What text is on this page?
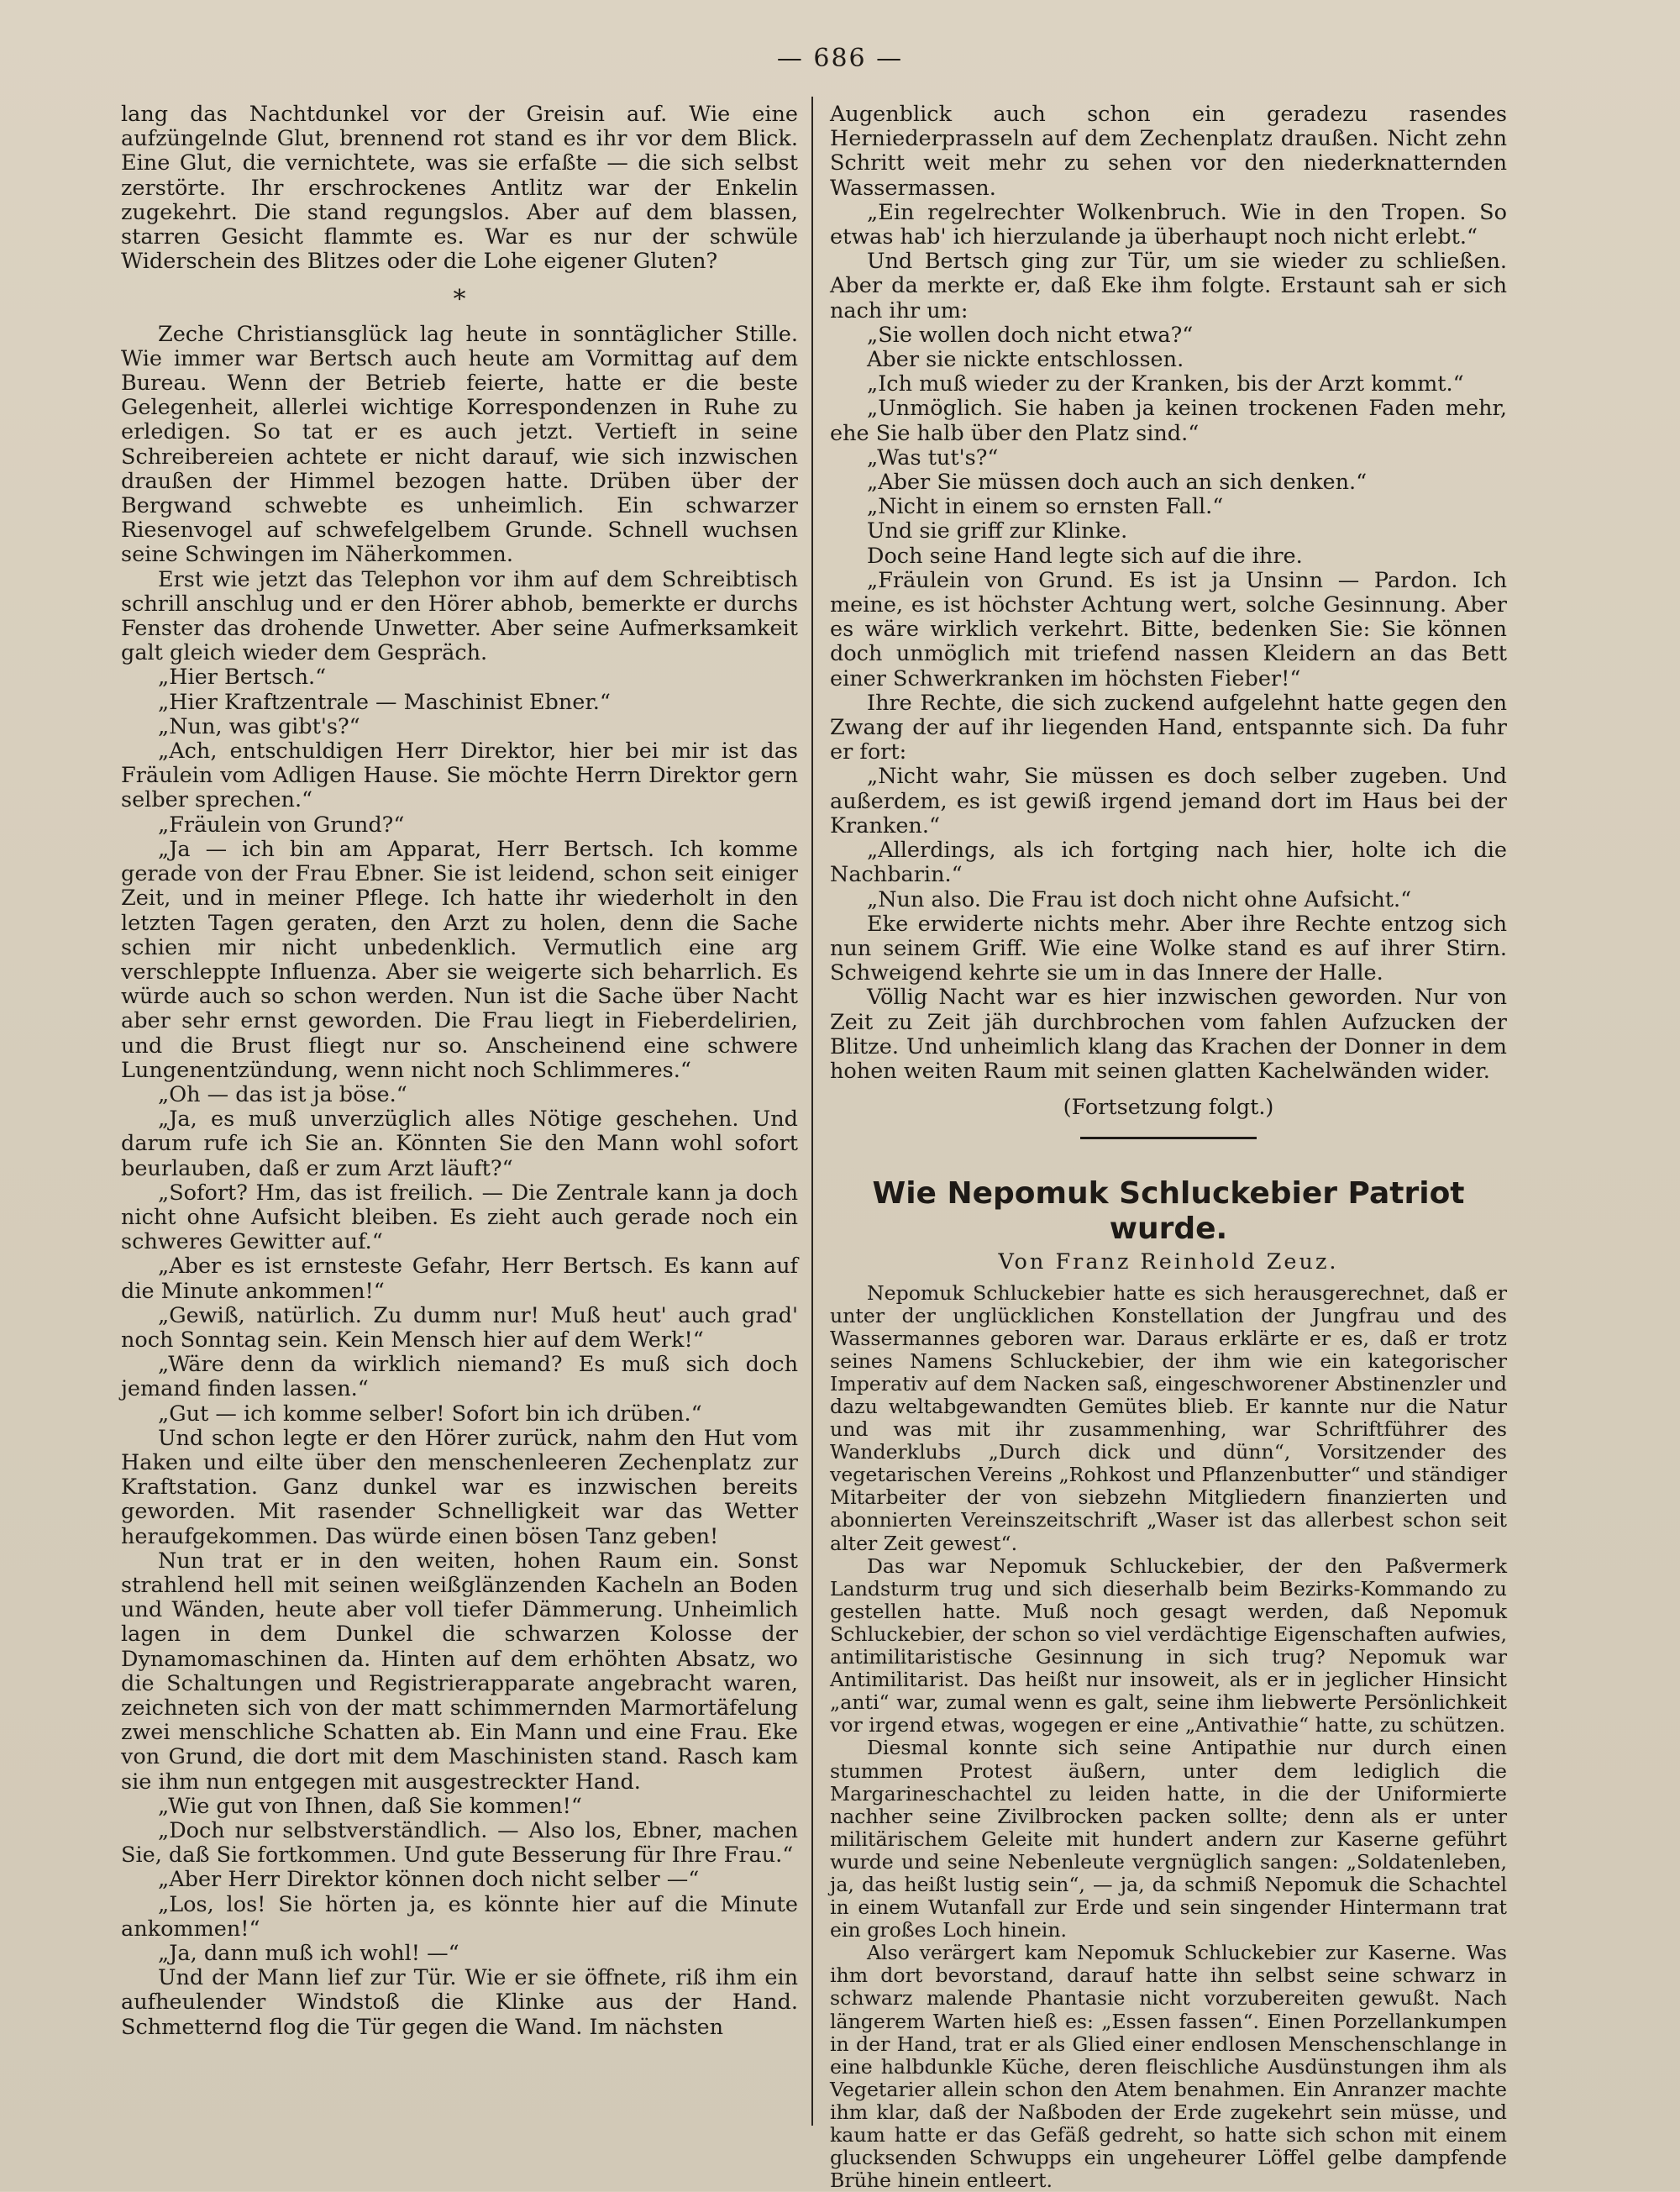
— 686 —

lang das Nachtdunkel vor der Greisin auf. Wie eine aufzüngelnde Glut, brennend rot stand es ihr vor dem Blick. Eine Glut, die vernichtete, was sie erfaßte — die sich selbst zerstörte. Ihr erschrockenes Antlitz war der Enkelin zugekehrt. Die stand regungslos. Aber auf dem blassen, starren Gesicht flammte es. War es nur der schwüle Widerschein des Blitzes oder die Lohe eigener Gluten?

*

Zeche Christiansglück lag heute in sonntäglicher Stille. Wie immer war Bertsch auch heute am Vormittag auf dem Bureau. Wenn der Betrieb feierte, hatte er die beste Gelegenheit, allerlei wichtige Korrespondenzen in Ruhe zu erledigen. So tat er es auch jetzt. Vertieft in seine Schreibereien achtete er nicht darauf, wie sich inzwischen draußen der Himmel bezogen hatte. Drüben über der Bergwand schwebte es unheimlich. Ein schwarzer Riesenvogel auf schwefelgelbem Grunde. Schnell wuchsen seine Schwingen im Näherkommen.

Erst wie jetzt das Telephon vor ihm auf dem Schreibtisch schrill anschlug und er den Hörer abhob, bemerkte er durchs Fenster das drohende Unwetter. Aber seine Aufmerksamkeit galt gleich wieder dem Gespräch.

„Hier Bertsch.“

„Hier Kraftzentrale — Maschinist Ebner.“

„Nun, was gibt's?“

„Ach, entschuldigen Herr Direktor, hier bei mir ist das Fräulein vom Adligen Hause. Sie möchte Herrn Direktor gern selber sprechen.“

„Fräulein von Grund?“

„Ja — ich bin am Apparat, Herr Bertsch. Ich komme gerade von der Frau Ebner. Sie ist leidend, schon seit einiger Zeit, und in meiner Pflege. Ich hatte ihr wiederholt in den letzten Tagen geraten, den Arzt zu holen, denn die Sache schien mir nicht unbedenklich. Vermutlich eine arg verschleppte Influenza. Aber sie weigerte sich beharrlich. Es würde auch so schon werden. Nun ist die Sache über Nacht aber sehr ernst geworden. Die Frau liegt in Fieberdelirien, und die Brust fliegt nur so. Anscheinend eine schwere Lungenentzündung, wenn nicht noch Schlimmeres.“

„Oh — das ist ja böse.“

„Ja, es muß unverzüglich alles Nötige geschehen. Und darum rufe ich Sie an. Könnten Sie den Mann wohl sofort beurlauben, daß er zum Arzt läuft?“

„Sofort? Hm, das ist freilich. — Die Zentrale kann ja doch nicht ohne Aufsicht bleiben. Es zieht auch gerade noch ein schweres Gewitter auf.“

„Aber es ist ernsteste Gefahr, Herr Bertsch. Es kann auf die Minute ankommen!“

„Gewiß, natürlich. Zu dumm nur! Muß heut' auch grad' noch Sonntag sein. Kein Mensch hier auf dem Werk!“

„Wäre denn da wirklich niemand? Es muß sich doch jemand finden lassen.“

„Gut — ich komme selber! Sofort bin ich drüben.“

Und schon legte er den Hörer zurück, nahm den Hut vom Haken und eilte über den menschenleeren Zechenplatz zur Kraftstation. Ganz dunkel war es inzwischen bereits geworden. Mit rasender Schnelligkeit war das Wetter heraufgekommen. Das würde einen bösen Tanz geben!

Nun trat er in den weiten, hohen Raum ein. Sonst strahlend hell mit seinen weißglänzenden Kacheln an Boden und Wänden, heute aber voll tiefer Dämmerung. Unheimlich lagen in dem Dunkel die schwarzen Kolosse der Dynamomaschinen da. Hinten auf dem erhöhten Absatz, wo die Schaltungen und Registrierapparate angebracht waren, zeichneten sich von der matt schimmernden Marmortäfelung zwei menschliche Schatten ab. Ein Mann und eine Frau. Eke von Grund, die dort mit dem Maschinisten stand. Rasch kam sie ihm nun entgegen mit ausgestreckter Hand.

„Wie gut von Ihnen, daß Sie kommen!“

„Doch nur selbstverständlich. — Also los, Ebner, machen Sie, daß Sie fortkommen. Und gute Besserung für Ihre Frau.“

„Aber Herr Direktor können doch nicht selber —“

„Los, los! Sie hörten ja, es könnte hier auf die Minute ankommen!“

„Ja, dann muß ich wohl! —“

Und der Mann lief zur Tür. Wie er sie öffnete, riß ihm ein aufheulender Windstoß die Klinke aus der Hand. Schmetternd flog die Tür gegen die Wand. Im nächsten

Augenblick auch schon ein geradezu rasendes Herniederprasseln auf dem Zechenplatz draußen. Nicht zehn Schritt weit mehr zu sehen vor den niederknatternden Wassermassen.

„Ein regelrechter Wolkenbruch. Wie in den Tropen. So etwas hab' ich hierzulande ja überhaupt noch nicht erlebt.“

Und Bertsch ging zur Tür, um sie wieder zu schließen. Aber da merkte er, daß Eke ihm folgte. Erstaunt sah er sich nach ihr um:

„Sie wollen doch nicht etwa?“

Aber sie nickte entschlossen.

„Ich muß wieder zu der Kranken, bis der Arzt kommt.“

„Unmöglich. Sie haben ja keinen trockenen Faden mehr, ehe Sie halb über den Platz sind.“

„Was tut's?“

„Aber Sie müssen doch auch an sich denken.“

„Nicht in einem so ernsten Fall.“

Und sie griff zur Klinke.

Doch seine Hand legte sich auf die ihre.

„Fräulein von Grund. Es ist ja Unsinn — Pardon. Ich meine, es ist höchster Achtung wert, solche Gesinnung. Aber es wäre wirklich verkehrt. Bitte, bedenken Sie: Sie können doch unmöglich mit triefend nassen Kleidern an das Bett einer Schwerkranken im höchsten Fieber!“

Ihre Rechte, die sich zuckend aufgelehnt hatte gegen den Zwang der auf ihr liegenden Hand, entspannte sich. Da fuhr er fort:

„Nicht wahr, Sie müssen es doch selber zugeben. Und außerdem, es ist gewiß irgend jemand dort im Haus bei der Kranken.“

„Allerdings, als ich fortging nach hier, holte ich die Nachbarin.“

„Nun also. Die Frau ist doch nicht ohne Aufsicht.“

Eke erwiderte nichts mehr. Aber ihre Rechte entzog sich nun seinem Griff. Wie eine Wolke stand es auf ihrer Stirn. Schweigend kehrte sie um in das Innere der Halle.

Völlig Nacht war es hier inzwischen geworden. Nur von Zeit zu Zeit jäh durchbrochen vom fahlen Aufzucken der Blitze. Und unheimlich klang das Krachen der Donner in dem hohen weiten Raum mit seinen glatten Kachelwänden wider.

(Fortsetzung folgt.)

Wie Nepomuk Schluckebier Patriot wurde.

Von Franz Reinhold Zeuz.

Nepomuk Schluckebier hatte es sich herausgerechnet, daß er unter der unglücklichen Konstellation der Jungfrau und des Wassermannes geboren war. Daraus erklärte er es, daß er trotz seines Namens Schluckebier, der ihm wie ein kategorischer Imperativ auf dem Nacken saß, eingeschworener Abstinenzler und dazu weltabgewandten Gemütes blieb. Er kannte nur die Natur und was mit ihr zusammenhing, war Schriftführer des Wanderklubs „Durch dick und dünn“, Vorsitzender des vegetarischen Vereins „Rohkost und Pflanzenbutter“ und ständiger Mitarbeiter der von siebzehn Mitgliedern finanzierten und abonnierten Vereinszeitschrift „Waser ist das allerbest schon seit alter Zeit gewest“.

Das war Nepomuk Schluckebier, der den Paßvermerk Landsturm trug und sich dieserhalb beim Bezirks-Kommando zu gestellen hatte. Muß noch gesagt werden, daß Nepomuk Schluckebier, der schon so viel verdächtige Eigenschaften aufwies, antimilitaristische Gesinnung in sich trug? Nepomuk war Antimilitarist. Das heißt nur insoweit, als er in jeglicher Hinsicht „anti“ war, zumal wenn es galt, seine ihm liebwerte Persönlichkeit vor irgend etwas, wogegen er eine „Antivathie“ hatte, zu schützen.

Diesmal konnte sich seine Antipathie nur durch einen stummen Protest äußern, unter dem lediglich die Margarineschachtel zu leiden hatte, in die der Uniformierte nachher seine Zivilbrocken packen sollte; denn als er unter militärischem Geleite mit hundert andern zur Kaserne geführt wurde und seine Nebenleute vergnüglich sangen: „Soldatenleben, ja, das heißt lustig sein“, — ja, da schmiß Nepomuk die Schachtel in einem Wutanfall zur Erde und sein singender Hintermann trat ein großes Loch hinein.

Also verärgert kam Nepomuk Schluckebier zur Kaserne. Was ihm dort bevorstand, darauf hatte ihn selbst seine schwarz in schwarz malende Phantasie nicht vorzubereiten gewußt. Nach längerem Warten hieß es: „Essen fassen“. Einen Porzellankumpen in der Hand, trat er als Glied einer endlosen Menschenschlange in eine halbdunkle Küche, deren fleischliche Ausdünstungen ihm als Vegetarier allein schon den Atem benahmen. Ein Anranzer machte ihm klar, daß der Naßboden der Erde zugekehrt sein müsse, und kaum hatte er das Gefäß gedreht, so hatte sich schon mit einem glucksenden Schwupps ein ungeheurer Löffel gelbe dampfende Brühe hinein entleert.
